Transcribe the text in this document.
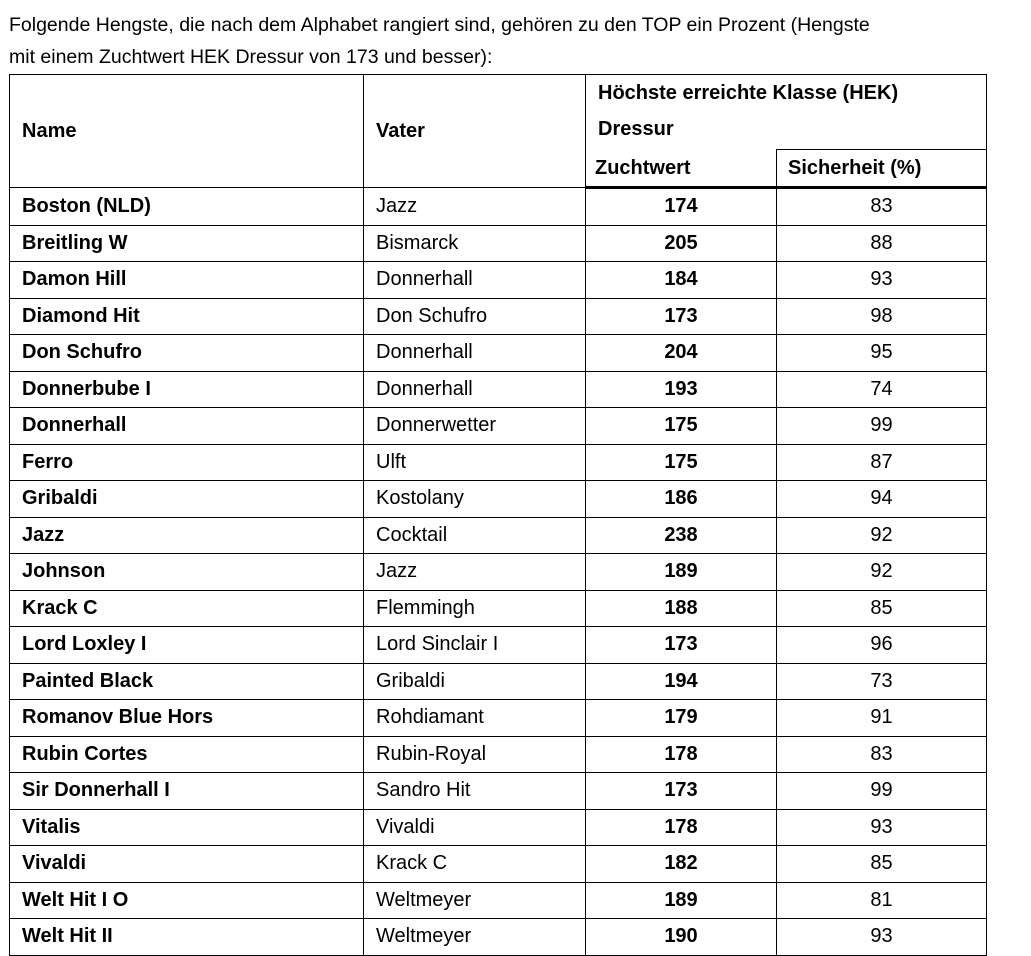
Folgende Hengste, die nach dem Alphabet rangiert sind, gehören zu den TOP ein Prozent (Hengste
mit einem Zuchtwert HEK Dressur von 173 und besser):
Name	Vater	Höchste erreichte Klasse (HEK)
Dressur	

		Zuchtwert	Sicherheit (%)
Boston (NLD)	Jazz	174	83
Breitling W	Bismarck	205	88
Damon Hill	Donnerhall	184	93
Diamond Hit	Don Schufro	173	98
Don Schufro	Donnerhall	204	95
Donnerbube I	Donnerhall	193	74
Donnerhall	Donnerwetter	175	99
Ferro	Ulft	175	87
Gribaldi	Kostolany	186	94
Jazz	Cocktail	238	92
Johnson	Jazz	189	92
Krack C	Flemmingh	188	85
Lord Loxley I	Lord Sinclair I	173	96
Painted Black	Gribaldi	194	73
Romanov Blue Hors	Rohdiamant	179	91
Rubin Cortes	Rubin-Royal	178	83
Sir Donnerhall I	Sandro Hit	173	99
Vitalis	Vivaldi	178	93
Vivaldi	Krack C	182	85
Welt Hit I O	Weltmeyer	189	81
Welt Hit II	Weltmeyer	190	93
